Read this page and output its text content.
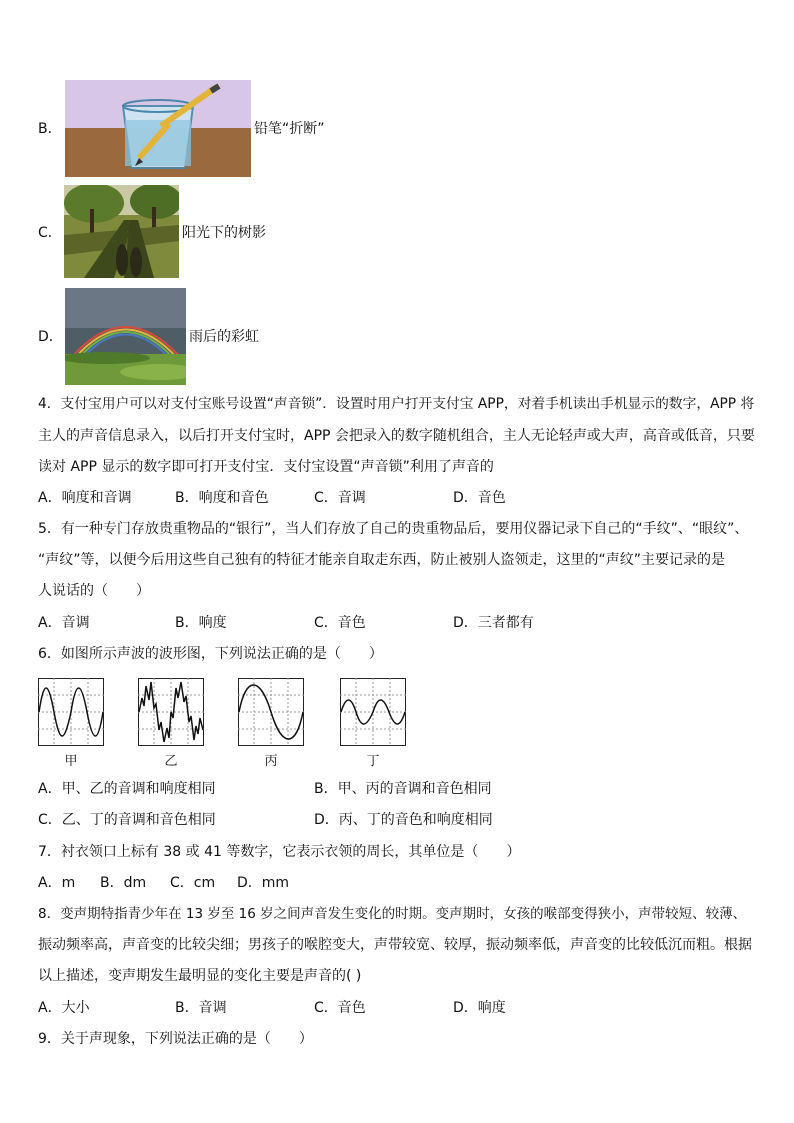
B．	铅笔“折断”
C．	阳光下的树影
D．	雨后的彩虹
4．支付宝用户可以对支付宝账号设置“声音锁”．设置时用户打开支付宝 APP，对着手机读出手机显示的数字，APP 将
主人的声音信息录入，以后打开支付宝时，APP 会把录入的数字随机组合，主人无论轻声或大声，高音或低音，只要
读对 APP 显示的数字即可打开支付宝．支付宝设置“声音锁”利用了声音的
A．响度和音调	B．响度和音色	C．音调	D．音色
5．有一种专门存放贵重物品的“银行”，当人们存放了自己的贵重物品后，要用仪器记录下自己的“手纹”、“眼纹”、
“声纹”等，以便今后用这些自己独有的特征才能亲自取走东西，防止被别人盗领走，这里的“声纹”主要记录的是
人说话的（　　）
A．音调	B．响度	C．音色	D．三者都有
6．如图所示声波的波形图，下列说法正确的是（　　）
甲	乙	丙	丁
A．甲、乙的音调和响度相同	B．甲、丙的音调和音色相同
C．乙、丁的音调和音色相同	D．丙、丁的音色和响度相同
7．衬衣领口上标有 38 或 41 等数字，它表示衣领的周长，其单位是（　　）
A．m B．dm C．cm D．mm
8．变声期特指青少年在 13 岁至 16 岁之间声音发生变化的时期。变声期时，女孩的喉部变得狭小，声带较短、较薄、
振动频率高，声音变的比较尖细；男孩子的喉腔变大，声带较宽、较厚，振动频率低，声音变的比较低沉而粗。根据
以上描述，变声期发生最明显的变化主要是声音的( )
A．大小	B．音调	C．音色	D．响度
9．关于声现象，下列说法正确的是（　　）
